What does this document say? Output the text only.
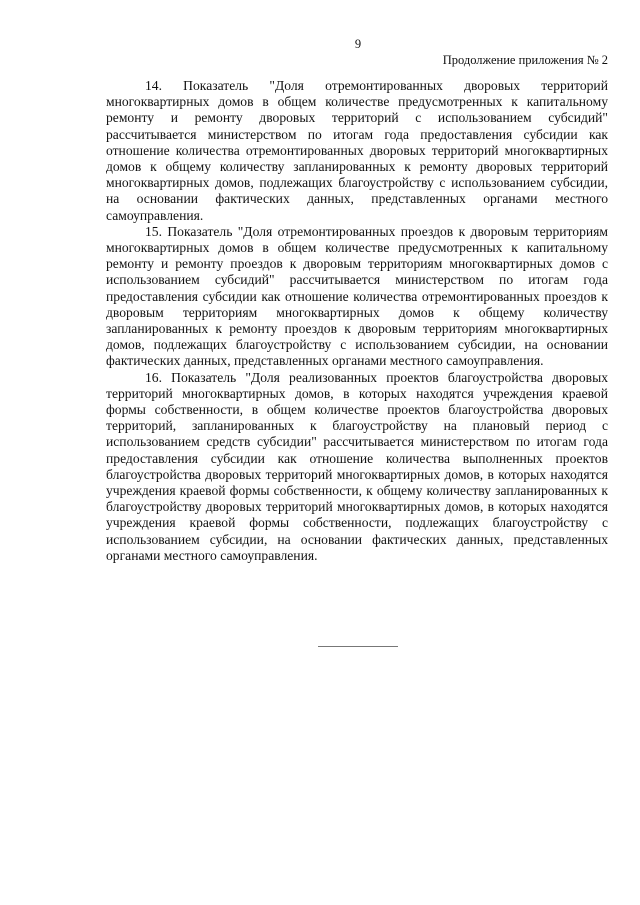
9
Продолжение приложения № 2

14. Показатель "Доля отремонтированных дворовых территорий многоквартирных домов в общем количестве предусмотренных к капитальному ремонту и ремонту дворовых территорий с использованием субсидий" рассчитывается министерством по итогам года предоставления субсидии как отношение количества отремонтированных дворовых территорий многоквартирных домов к общему количеству запланированных к ремонту дворовых территорий многоквартирных домов, подлежащих благоустройству с использованием субсидии, на основании фактических данных, представленных органами местного самоуправления.

15. Показатель "Доля отремонтированных проездов к дворовым территориям многоквартирных домов в общем количестве предусмотренных к капитальному ремонту и ремонту проездов к дворовым территориям многоквартирных домов с использованием субсидий" рассчитывается министерством по итогам года предоставления субсидии как отношение количества отремонтированных проездов к дворовым территориям многоквартирных домов к общему количеству запланированных к ремонту проездов к дворовым территориям многоквартирных домов, подлежащих благоустройству с использованием субсидии, на основании фактических данных, представленных органами местного самоуправления.

16. Показатель "Доля реализованных проектов благоустройства дворовых территорий многоквартирных домов, в которых находятся учреждения краевой формы собственности, в общем количестве проектов благоустройства дворовых территорий, запланированных к благоустройству на плановый период с использованием средств субсидии" рассчитывается министерством по итогам года предоставления субсидии как отношение количества выполненных проектов благоустройства дворовых территорий многоквартирных домов, в которых находятся учреждения краевой формы собственности, к общему количеству запланированных к благоустройству дворовых территорий многоквартирных домов, в которых находятся учреждения краевой формы собственности, подлежащих благоустройству с использованием субсидии, на основании фактических данных, представленных органами местного самоуправления.
